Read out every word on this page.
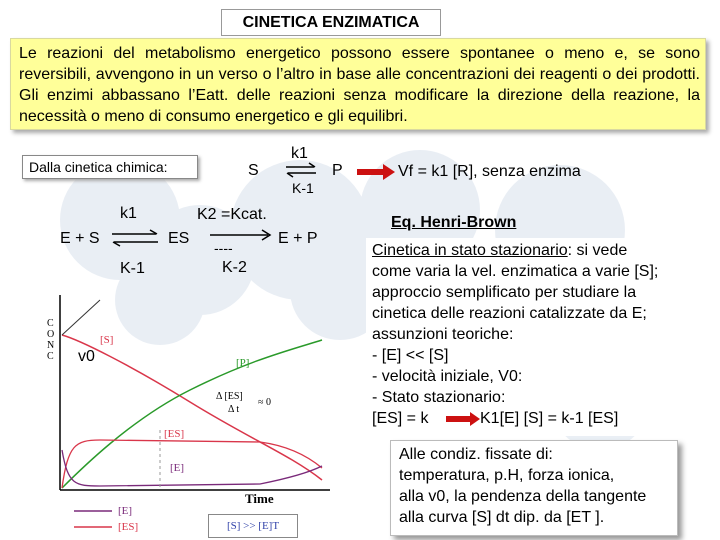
CINETICA ENZIMATICA
Le reazioni del metabolismo energetico possono essere spontanee o meno e, se sono reversibili, avvengono in un verso o l’altro in base alle concentrazioni dei reagenti o dei prodotti. Gli enzimi abbassano l’Eatt. delle reazioni senza modificare la direzione della reazione, la necessità o meno di consumo energetico e gli equilibri.
Dalla cinetica chimica:	S
k1
K-1
P	Vf = k1 [R], senza enzima
k1	K2 =Kcat.
E + S	ES
----
E + P
K-1	K-2
C
O
N
C v0
[S]
[P]
Δ [ES]
Δ t
≈ 0
[ES]
[E]
Time
[E]
[ES]	[S] >> [E]T
Eq. Henri-Brown
Cinetica in stato stazionario: si vede
come varia la vel. enzimatica a varie [S];
approccio semplificato per studiare la
cinetica delle reazioni catalizzate da E;
assunzioni teoriche:
- [E] << [S]
- velocità iniziale, V0:
- Stato stazionario:
[ES] = k	K1[E] [S] = k-1 [ES]
Alle condiz. fissate di:
temperatura, p.H, forza ionica,
alla v0, la pendenza della tangente
alla curva [S] dt dip. da [ET ].
